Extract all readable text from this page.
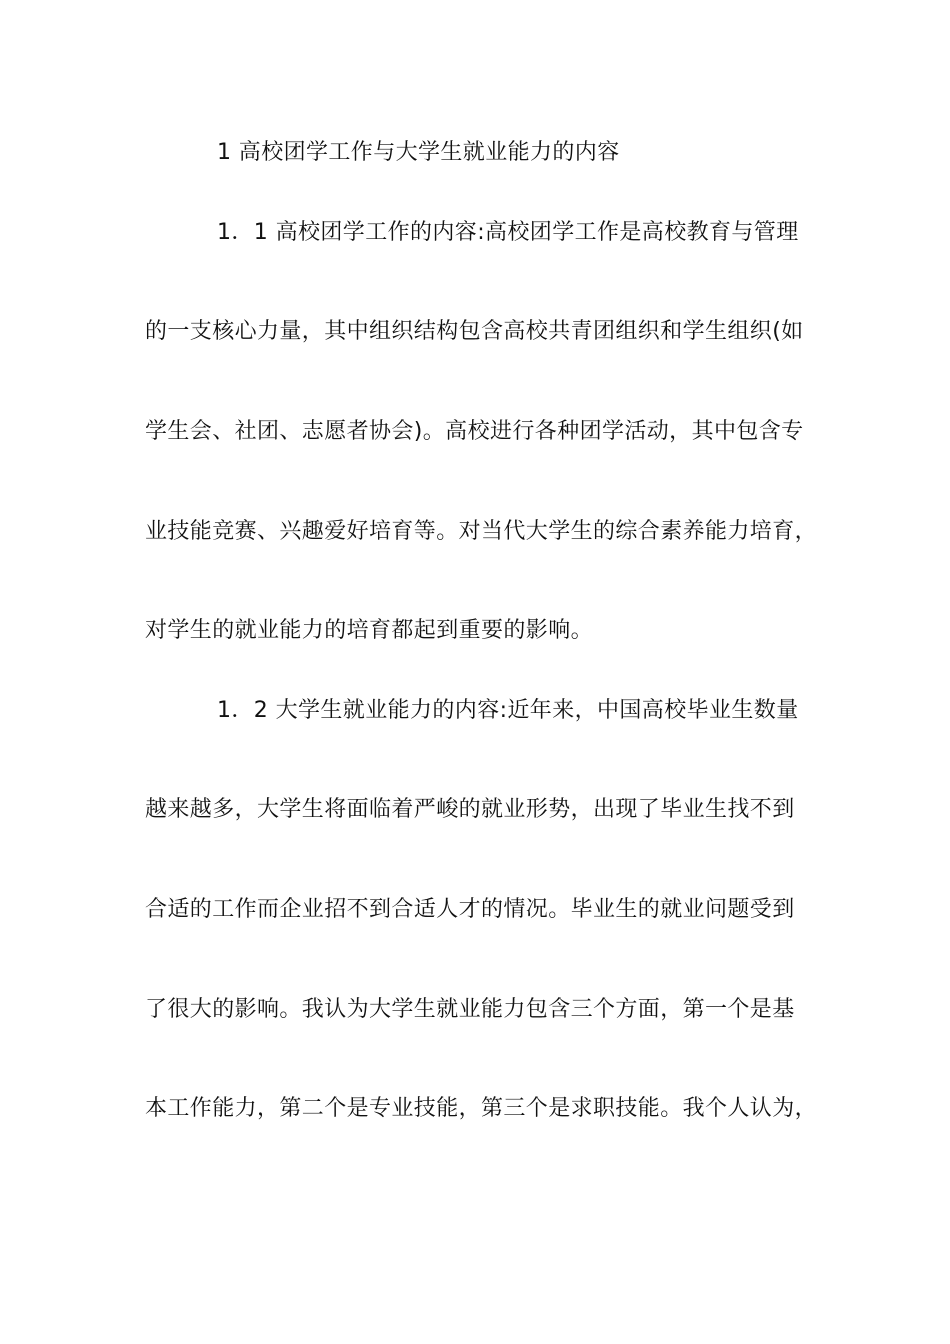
1 高校团学工作与大学生就业能力的内容
1．1 高校团学工作的内容:高校团学工作是高校教育与管理
的一支核心力量，其中组织结构包含高校共青团组织和学生组织(如
学生会、社团、志愿者协会)。高校进行各种团学活动，其中包含专
业技能竞赛、兴趣爱好培育等。对当代大学生的综合素养能力培育，
对学生的就业能力的培育都起到重要的影响。
1．2 大学生就业能力的内容:近年来，中国高校毕业生数量
越来越多，大学生将面临着严峻的就业形势，出现了毕业生找不到
合适的工作而企业招不到合适人才的情况。毕业生的就业问题受到
了很大的影响。我认为大学生就业能力包含三个方面，第一个是基
本工作能力，第二个是专业技能，第三个是求职技能。我个人认为，
